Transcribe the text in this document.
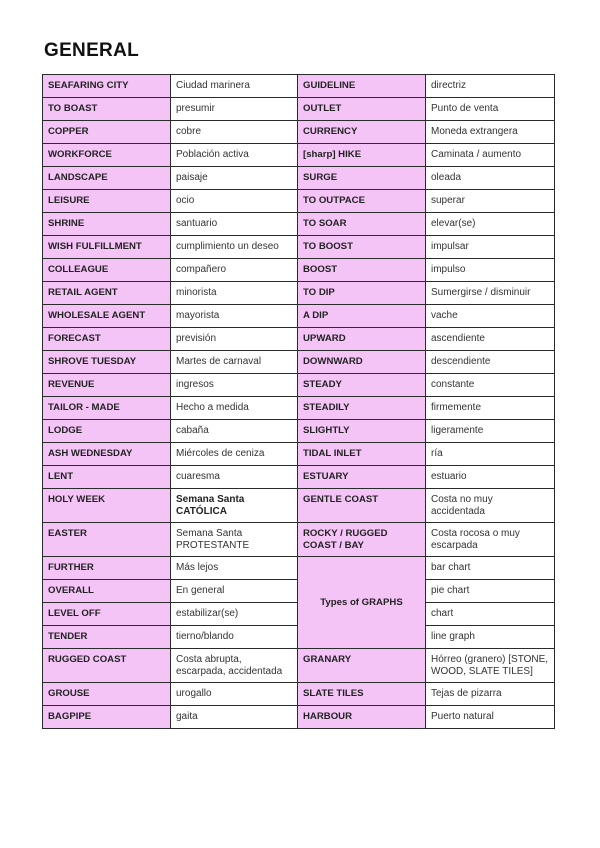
GENERAL
SEAFARING CITY	Ciudad marinera	GUIDELINE	directriz
TO BOAST	presumir	OUTLET	Punto de venta
COPPER	cobre	CURRENCY	Moneda extrangera
WORKFORCE	Población activa	[sharp] HIKE	Caminata / aumento
LANDSCAPE	paisaje	SURGE	oleada
LEISURE	ocio	TO OUTPACE	superar
SHRINE	santuario	TO SOAR	elevar(se)
WISH FULFILLMENT	cumplimiento un deseo	TO BOOST	impulsar
COLLEAGUE	compañero	BOOST	impulso
RETAIL AGENT	minorista	TO DIP	Sumergirse / disminuir
WHOLESALE AGENT	mayorista	A DIP	vache
FORECAST	previsión	UPWARD	ascendiente
SHROVE TUESDAY	Martes de carnaval	DOWNWARD	descendiente
REVENUE	ingresos	STEADY	constante
TAILOR - MADE	Hecho a medida	STEADILY	firmemente
LODGE	cabaña	SLIGHTLY	ligeramente
ASH WEDNESDAY	Miércoles de ceniza	TIDAL INLET	ría
LENT	cuaresma	ESTUARY	estuario
HOLY WEEK	Semana Santa CATÓLICA	GENTLE COAST	Costa no muy accidentada
EASTER	Semana Santa PROTESTANTE	ROCKY / RUGGED COAST / BAY	Costa rocosa o muy escarpada
FURTHER	Más lejos	Types of GRAPHS	bar chart
OVERALL	En general		pie chart
LEVEL OFF	estabilizar(se)		chart
TENDER	tierno/blando		line graph
RUGGED COAST	Costa abrupta, escarpada, accidentada	GRANARY	Hórreo (granero) [STONE, WOOD, SLATE TILES]
GROUSE	urogallo	SLATE TILES	Tejas de pizarra
BAGPIPE	gaita	HARBOUR	Puerto natural
